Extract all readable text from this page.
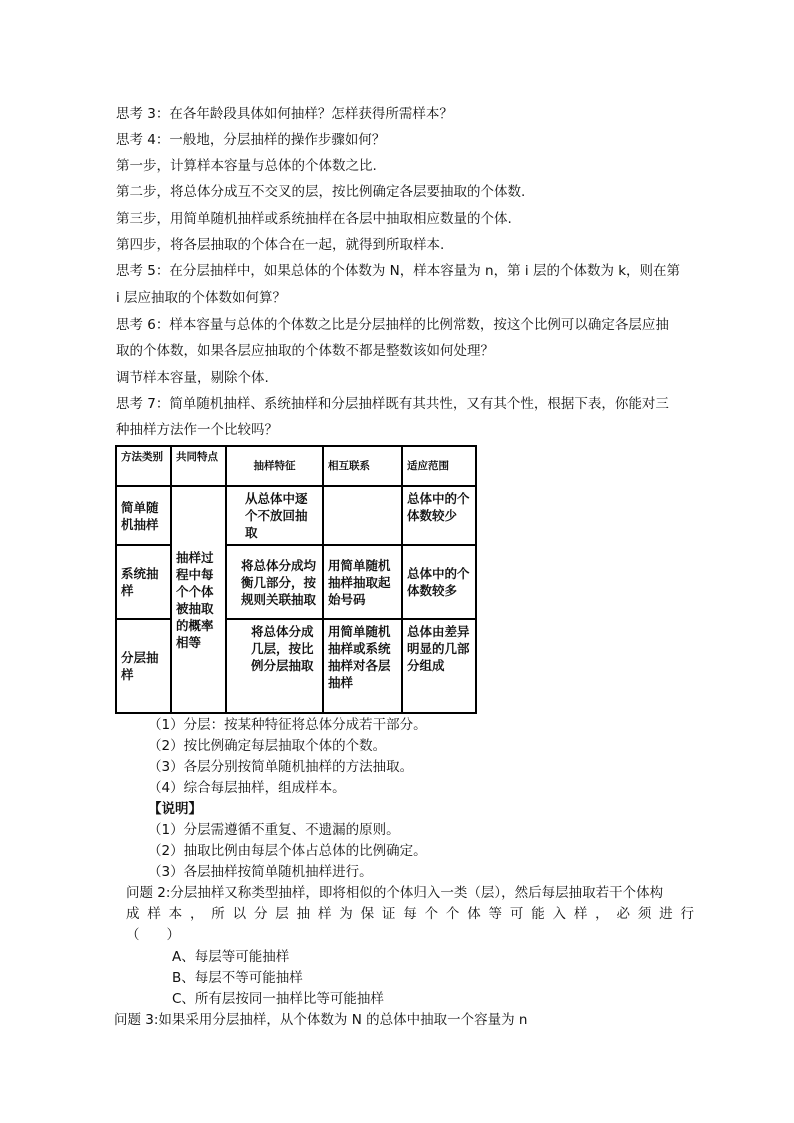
思考 3：在各年龄段具体如何抽样？怎样获得所需样本？
思考 4：一般地，分层抽样的操作步骤如何？
第一步，计算样本容量与总体的个体数之比.
第二步，将总体分成互不交叉的层，按比例确定各层要抽取的个体数.
第三步，用简单随机抽样或系统抽样在各层中抽取相应数量的个体.
第四步，将各层抽取的个体合在一起，就得到所取样本.
思考 5：在分层抽样中，如果总体的个体数为 N，样本容量为 n，第 i 层的个体数为 k，则在第
i 层应抽取的个体数如何算？
思考 6：样本容量与总体的个体数之比是分层抽样的比例常数，按这个比例可以确定各层应抽
取的个体数，如果各层应抽取的个体数不都是整数该如何处理？
调节样本容量，剔除个体.
思考 7：简单随机抽样、系统抽样和分层抽样既有其共性，又有其个性，根据下表，你能对三
种抽样方法作一个比较吗？
方法类别	共同特点	抽样特征	相互联系	适应范围
简单随机抽样	抽样过程中每个个体被抽取的概率相等	从总体中逐个不放回抽取		总体中的个体数较少
系统抽样		将总体分成均衡几部分，按规则关联抽取	用简单随机抽样抽取起始号码	总体中的个体数较多
分层抽样		将总体分成几层，按比例分层抽取	用简单随机抽样或系统抽样对各层抽样	总体由差异明显的几部分组成
（1）分层：按某种特征将总体分成若干部分。
（2）按比例确定每层抽取个体的个数。
（3）各层分别按简单随机抽样的方法抽取。
（4）综合每层抽样，组成样本。
【说明】
（1）分层需遵循不重复、不遗漏的原则。
（2）抽取比例由每层个体占总体的比例确定。
（3）各层抽样按简单随机抽样进行。
问题 2:分层抽样又称类型抽样，即将相似的个体归入一类（层），然后每层抽取若干个体构
成 样 本 ， 所 以 分 层 抽 样 为 保 证 每 个 个 体 等 可 能 入 样 ， 必 须 进 行
（　　）
A、每层等可能抽样
B、每层不等可能抽样
C、所有层按同一抽样比等可能抽样
问题 3:如果采用分层抽样，从个体数为 N 的总体中抽取一个容量为 n
